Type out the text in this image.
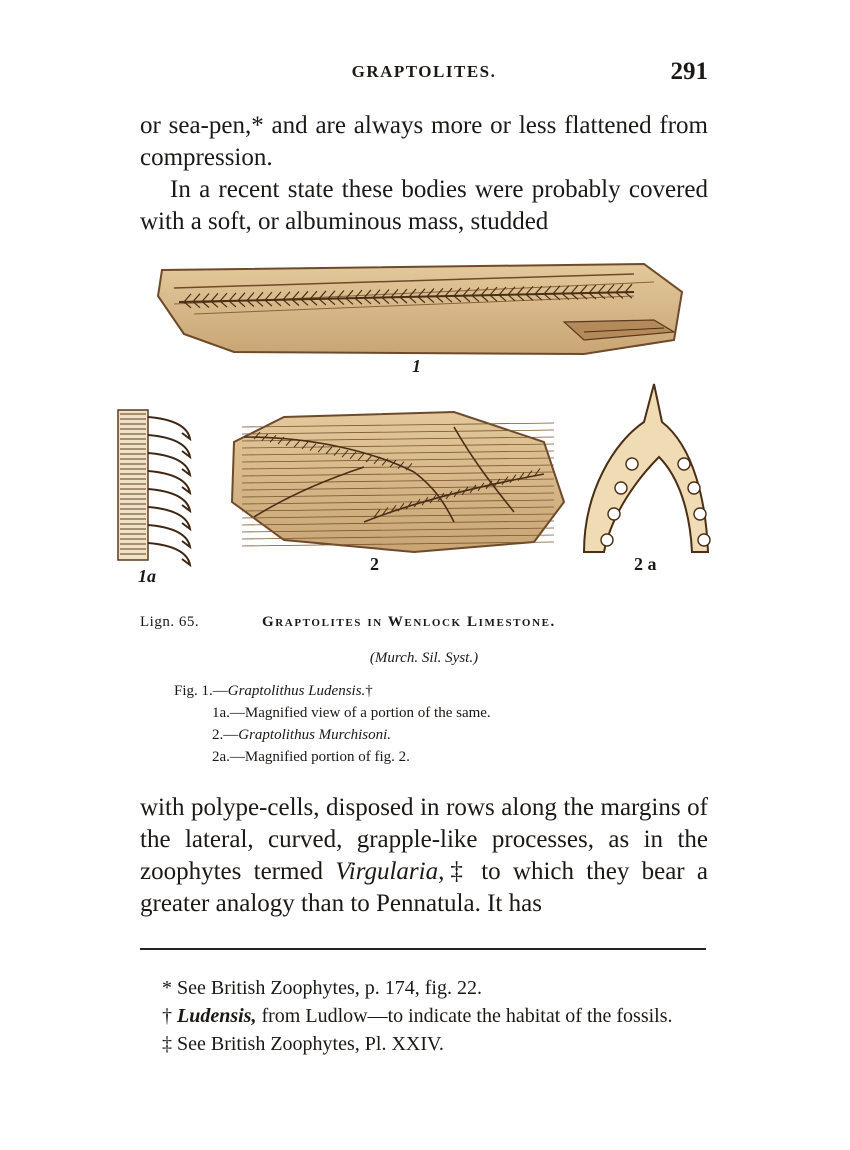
GRAPTOLITES.	291

or sea-pen,* and are always more or less flattened from compression.

In a recent state these bodies were probably covered with a soft, or albuminous mass, studded

1
1a
2	2 a
Lign. 65.	Graptolites in Wenlock Limestone.
(Murch. Sil. Syst.)
Fig. 1.—Graptolithus Ludensis.†
1a.—Magnified view of a portion of the same.
2.—Graptolithus Murchisoni.
2a.—Magnified portion of fig. 2.

with polype-cells, disposed in rows along the margins of the lateral, curved, grapple-like processes, as in the zoophytes termed Virgularia,‡ to which they bear a greater analogy than to Pennatula. It has

* See British Zoophytes, p. 174, fig. 22.

† Ludensis, from Ludlow—to indicate the habitat of the fossils.

‡ See British Zoophytes, Pl. XXIV.
